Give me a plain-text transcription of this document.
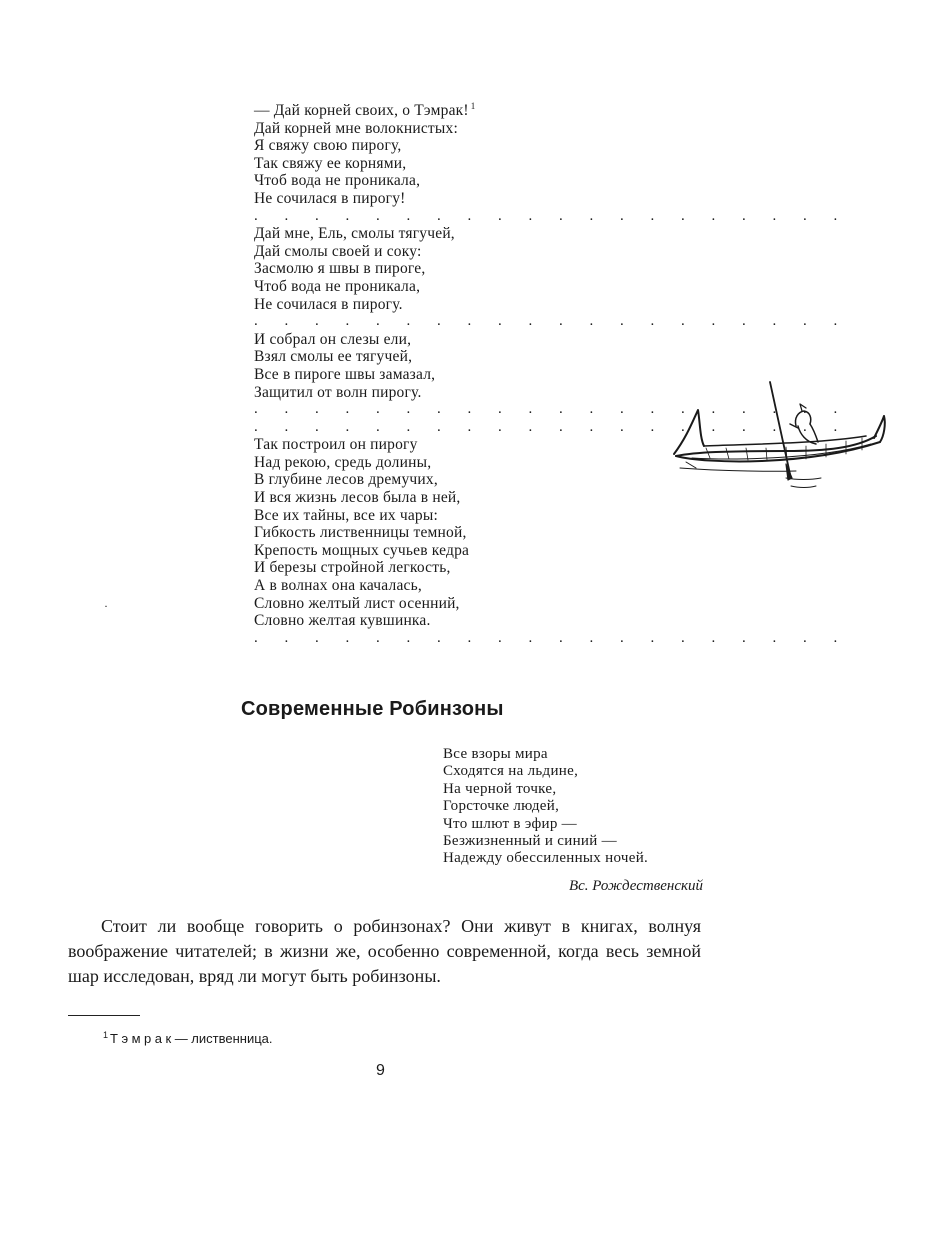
— Дай корней своих, о Тэмрак! $^1$
Дай корней мне волокнистых:
Я свяжу свою пирогу,
Так свяжу ее корнями,
Чтоб вода не проникала,
Не сочилася в пирогу!
. . . . . . . . . . . . . . . . . . . .
Дай мне, Ель, смолы тягучей,
Дай смолы своей и соку:
Засмолю я швы в пироге,
Чтоб вода не проникала,
Не сочилася в пирогу.
. . . . . . . . . . . . . . . . . . . .
И собрал он слезы ели,
Взял смолы ее тягучей,
Все в пироге швы замазал,
Защитил от волн пирогу.
. . . . . . . . . . . . . . . . . . . .
. . . . . . . . . . . . . . . . . . . .
Так построил он пирогу
Над рекою, средь долины,
В глубине лесов дремучих,
И вся жизнь лесов была в ней,
Все их тайны, все их чары:
Гибкость лиственницы темной,
Крепость мощных сучьев кедра
И березы стройной легкость,
А в волнах она качалась,
Словно желтый лист осенний,
Словно желтая кувшинка.
. . . . . . . . . . . . . . . . . . . .
·
Современные Робинзоны
Все взоры мира
Сходятся на льдине,
На черной точке,
Горсточке людей,
Что шлют в эфир —
Безжизненный и синий —
Надежду обессиленных ночей.
Вс. Рождественский

Стоит ли вообще говорить о робинзонах? Они живут в книгах, волнуя воображение читателей; в жизни же, особенно современной, когда весь земной шар исследован, вряд ли могут быть робинзоны.

$^1$ Тэмрак— лиственница.
9
